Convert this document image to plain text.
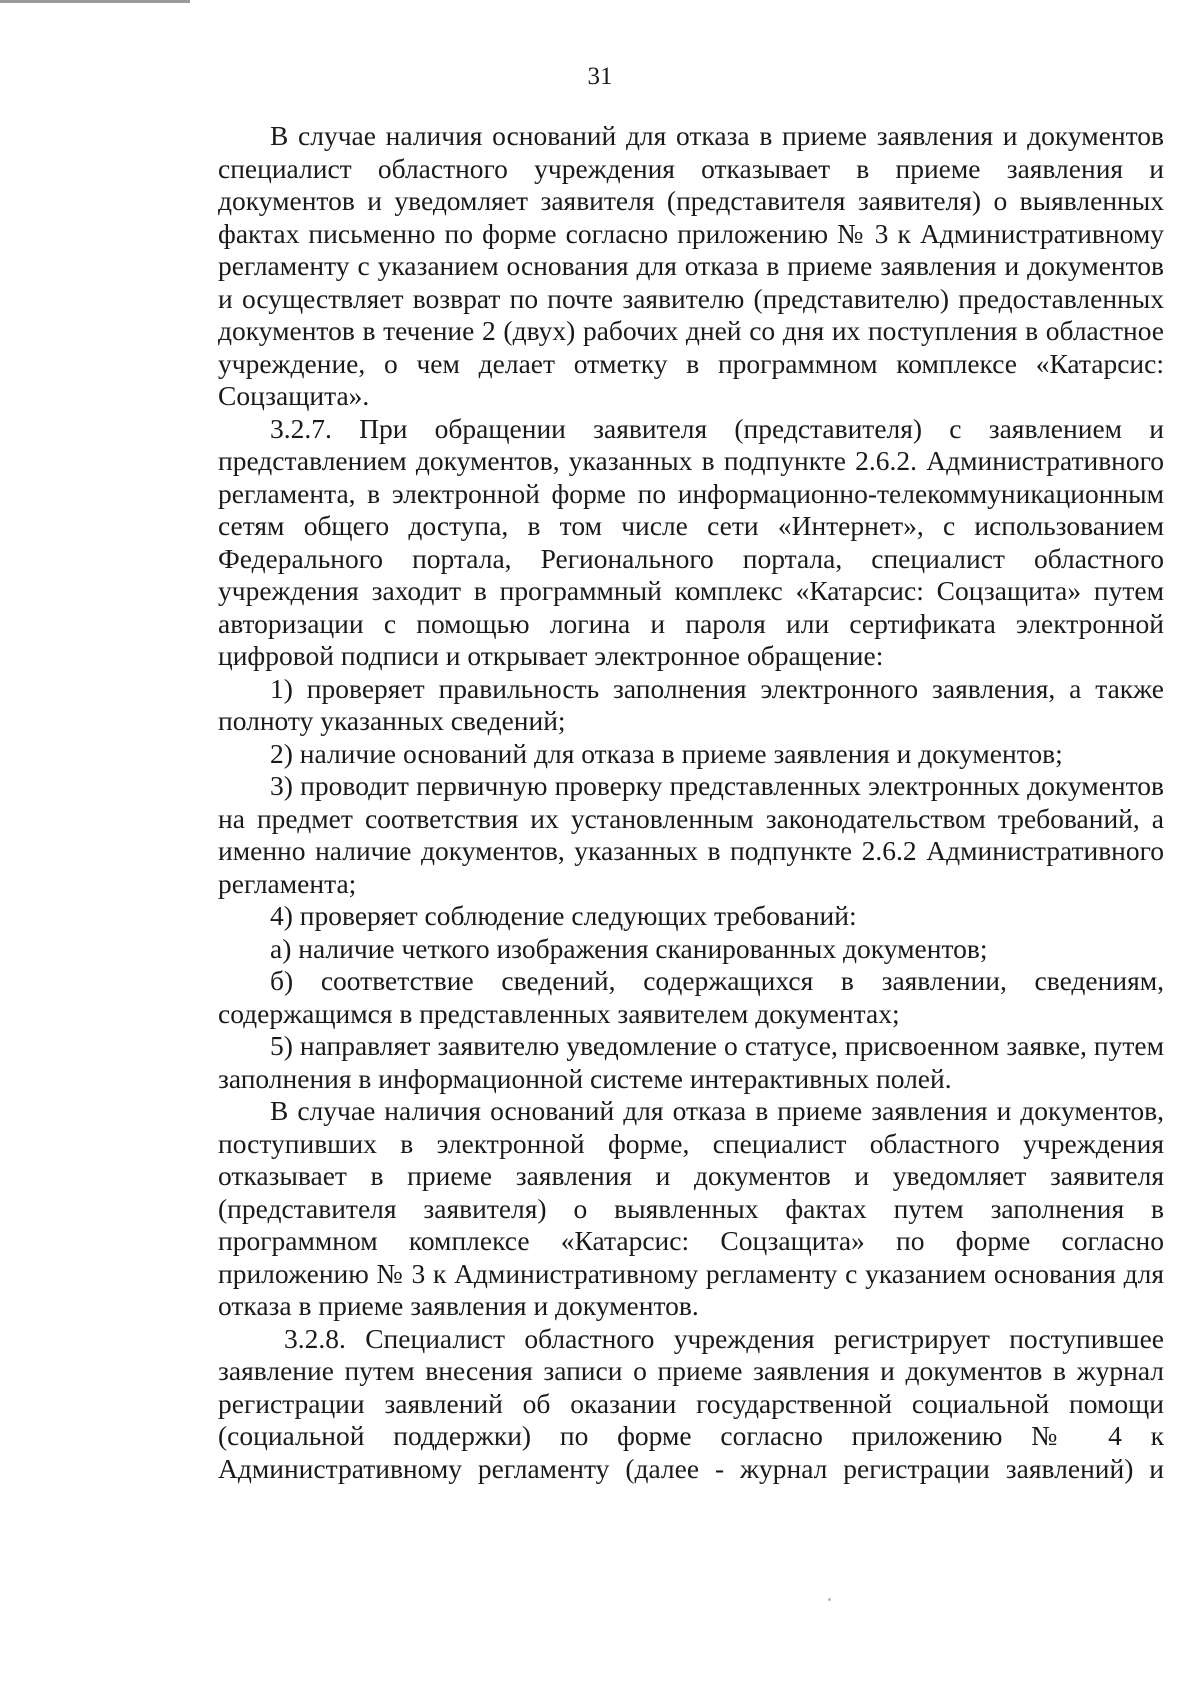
31

В случае наличия оснований для отказа в приеме заявления и документов специалист областного учреждения отказывает в приеме заявления и документов и уведомляет заявителя (представителя заявителя) о выявленных фактах письменно по форме согласно приложению № 3 к Административному регламенту с указанием основания для отказа в приеме заявления и документов и осуществляет возврат по почте заявителю (представителю) предоставленных документов в течение 2 (двух) рабочих дней со дня их поступления в областное учреждение, о чем делает отметку в программном комплексе «Катарсис: Соцзащита».

3.2.7. При обращении заявителя (представителя) с заявлением и представлением документов, указанных в подпункте 2.6.2. Административного регламента, в электронной форме по информационно-телекоммуникационным сетям общего доступа, в том числе сети «Интернет», с использованием Федерального портала, Регионального портала, специалист областного учреждения заходит в программный комплекс «Катарсис: Соцзащита» путем авторизации с помощью логина и пароля или сертификата электронной цифровой подписи и открывает электронное обращение:

1) проверяет правильность заполнения электронного заявления, а также полноту указанных сведений;

2) наличие оснований для отказа в приеме заявления и документов;

3) проводит первичную проверку представленных электронных документов на предмет соответствия их установленным законодательством требований, а именно наличие документов, указанных в подпункте 2.6.2 Административного регламента;

4) проверяет соблюдение следующих требований:

а) наличие четкого изображения сканированных документов;

б) соответствие сведений, содержащихся в заявлении, сведениям, содержащимся в представленных заявителем документах;

5) направляет заявителю уведомление о статусе, присвоенном заявке, путем заполнения в информационной системе интерактивных полей.

В случае наличия оснований для отказа в приеме заявления и документов, поступивших в электронной форме, специалист областного учреждения отказывает в приеме заявления и документов и уведомляет заявителя (представителя заявителя) о выявленных фактах путем заполнения в программном комплексе «Катарсис: Соцзащита» по форме согласно приложению № 3 к Административному регламенту с указанием основания для отказа в приеме заявления и документов.

3.2.8. Специалист областного учреждения регистрирует поступившее заявление путем внесения записи о приеме заявления и документов в журнал регистрации заявлений об оказании государственной социальной помощи (социальной поддержки) по форме согласно приложению № 4 к Административному регламенту (далее - журнал регистрации заявлений) и
